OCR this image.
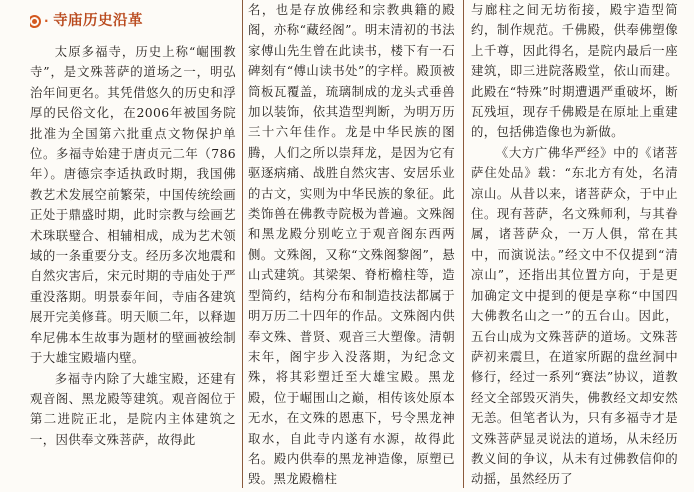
· 寺庙历史沿革

太原多福寺，历史上称“崛围教寺”，是文殊菩萨的道场之一，明弘治年间更名。其凭借悠久的历史和浮厚的民俗文化，在2006年被国务院批准为全国第六批重点文物保护单位。多福寺始建于唐贞元二年（786年）。唐德宗李适执政时期，我国佛教艺术发展空前繁荣，中国传统绘画正处于鼎盛时期，此时宗教与绘画艺术珠联璧合、相辅相成，成为艺术领域的一条重要分支。经历多次地震和自然灾害后，宋元时期的寺庙处于严重没落期。明景泰年间，寺庙各建筑展开完美修葺。明天顺二年，以释迦牟尼佛本生故事为题材的壁画被绘制于大雄宝殿墙内壁。

多福寺内除了大雄宝殿，还建有观音阁、黑龙殿等建筑。观音阁位于第二进院正北，是院内主体建筑之一，因供奉文殊菩萨，故得此

名，也是存放佛经和宗教典籍的殿阁，亦称“藏经阁”。明末清初的书法家傅山先生曾在此读书，楼下有一石碑刻有“傅山读书处”的字样。殿顶被筒板瓦覆盖，琉璃制成的龙头式垂兽加以装饰，依其造型判断，为明万历三十六年佳作。龙是中华民族的图腾，人们之所以崇拜龙，是因为它有驱逐病痛、战胜自然灾害、安居乐业的古文，实则为中华民族的象征。此类饰兽在佛教寺院极为普遍。文殊阁和黑龙殿分别屹立于观音阁东西两侧。文殊阁，又称“文殊阁黎阁”，悬山式建筑。其梁架、脊桁檐柱等，造型简约，结构分布和制造技法都属于明万历二十四年的作品。文殊阁内供奉文殊、普贤、观音三大塑像。清朝末年，阁宇步入没落期，为纪念文殊，将其彩塑迁至大雄宝殿。黑龙殿，位于崛围山之巅，相传该处原本无水，在文殊的恩惠下，号令黑龙神取水，自此寺内遂有水源，故得此名。殿内供奉的黑龙神造像，原塑已毁。黑龙殿檐柱

与廊柱之间无坊衔接，殿宇造型简约，制作规范。千佛殿，供奉佛塑像上千尊，因此得名，是院内最后一座建筑，即三进院落殿堂，依山而建。此殿在“特殊”时期遭遇严重破坏，断瓦残垣，现存千佛殿是在原址上重建的，包括佛造像也为新做。

《大方广佛华严经》中的《诸菩萨住处品》载：“东北方有处，名清凉山。从昔以来，诸菩萨众，于中止住。现有菩萨，名文殊师利，与其眷属，诸菩萨众，一万人俱，常在其中，而演说法。”经文中不仅提到“清凉山”，还指出其位置方向，于是更加确定文中提到的便是享称“中国四大佛教名山之一”的五台山。因此，五台山成为文殊菩萨的道场。文殊菩萨初来震旦，在道家所踞的盘丝洞中修行，经过一系列“赛法”协议，道教经文全部毁灭消失，佛教经文却安然无恙。但笔者认为，只有多福寺才是文殊菩萨显灵说法的道场，从未经历教义间的争议，从未有过佛教信仰的动摇，虽然经历了
